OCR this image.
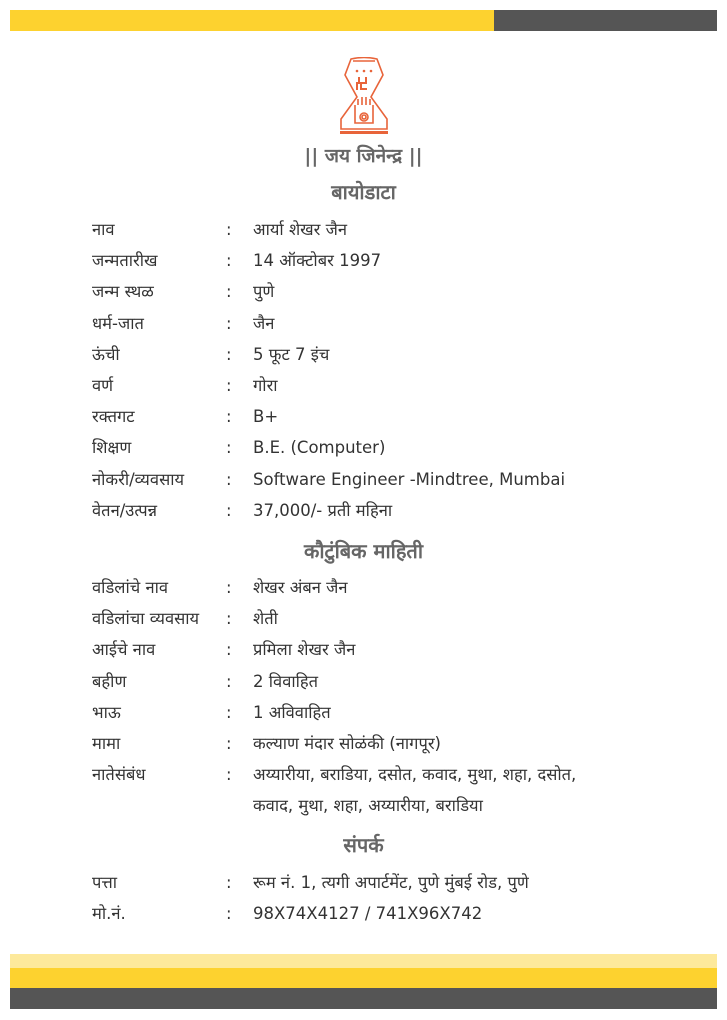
|| जय जिनेन्द्र ||
बायोडाटा
नाव	: आर्या शेखर जैन
जन्मतारीख	: 14 ऑक्टोबर 1997
जन्म स्थळ	: पुणे
धर्म-जात	: जैन
ऊंची	: 5 फूट 7 इंच
वर्ण	: गोरा
रक्तगट	: B+
शिक्षण	: B.E. (Computer)
नोकरी/व्यवसाय	: Software Engineer -Mindtree, Mumbai
वेतन/उत्पन्न	: 37,000/- प्रती महिना
कौटुंबिक माहिती
वडिलांचे नाव	: शेखर अंबन जैन
वडिलांचा व्यवसाय : शेती
आईचे नाव	: प्रमिला शेखर जैन
बहीण	: 2 विवाहित
भाऊ	: 1 अविवाहित
मामा	: कल्याण मंदार सोळंकी (नागपूर)
नातेसंबंध	: अय्यारीया, बराडिया, दसोत, कवाद, मुथा, शहा, दसोत, कवाद, मुथा, शहा, अय्यारीया, बराडिया
संपर्क
पत्ता	: रूम नं. 1, त्यगी अपार्टमेंट, पुणे मुंबई रोड, पुणे
मो.नं.	: 98X74X4127 / 741X96X742
